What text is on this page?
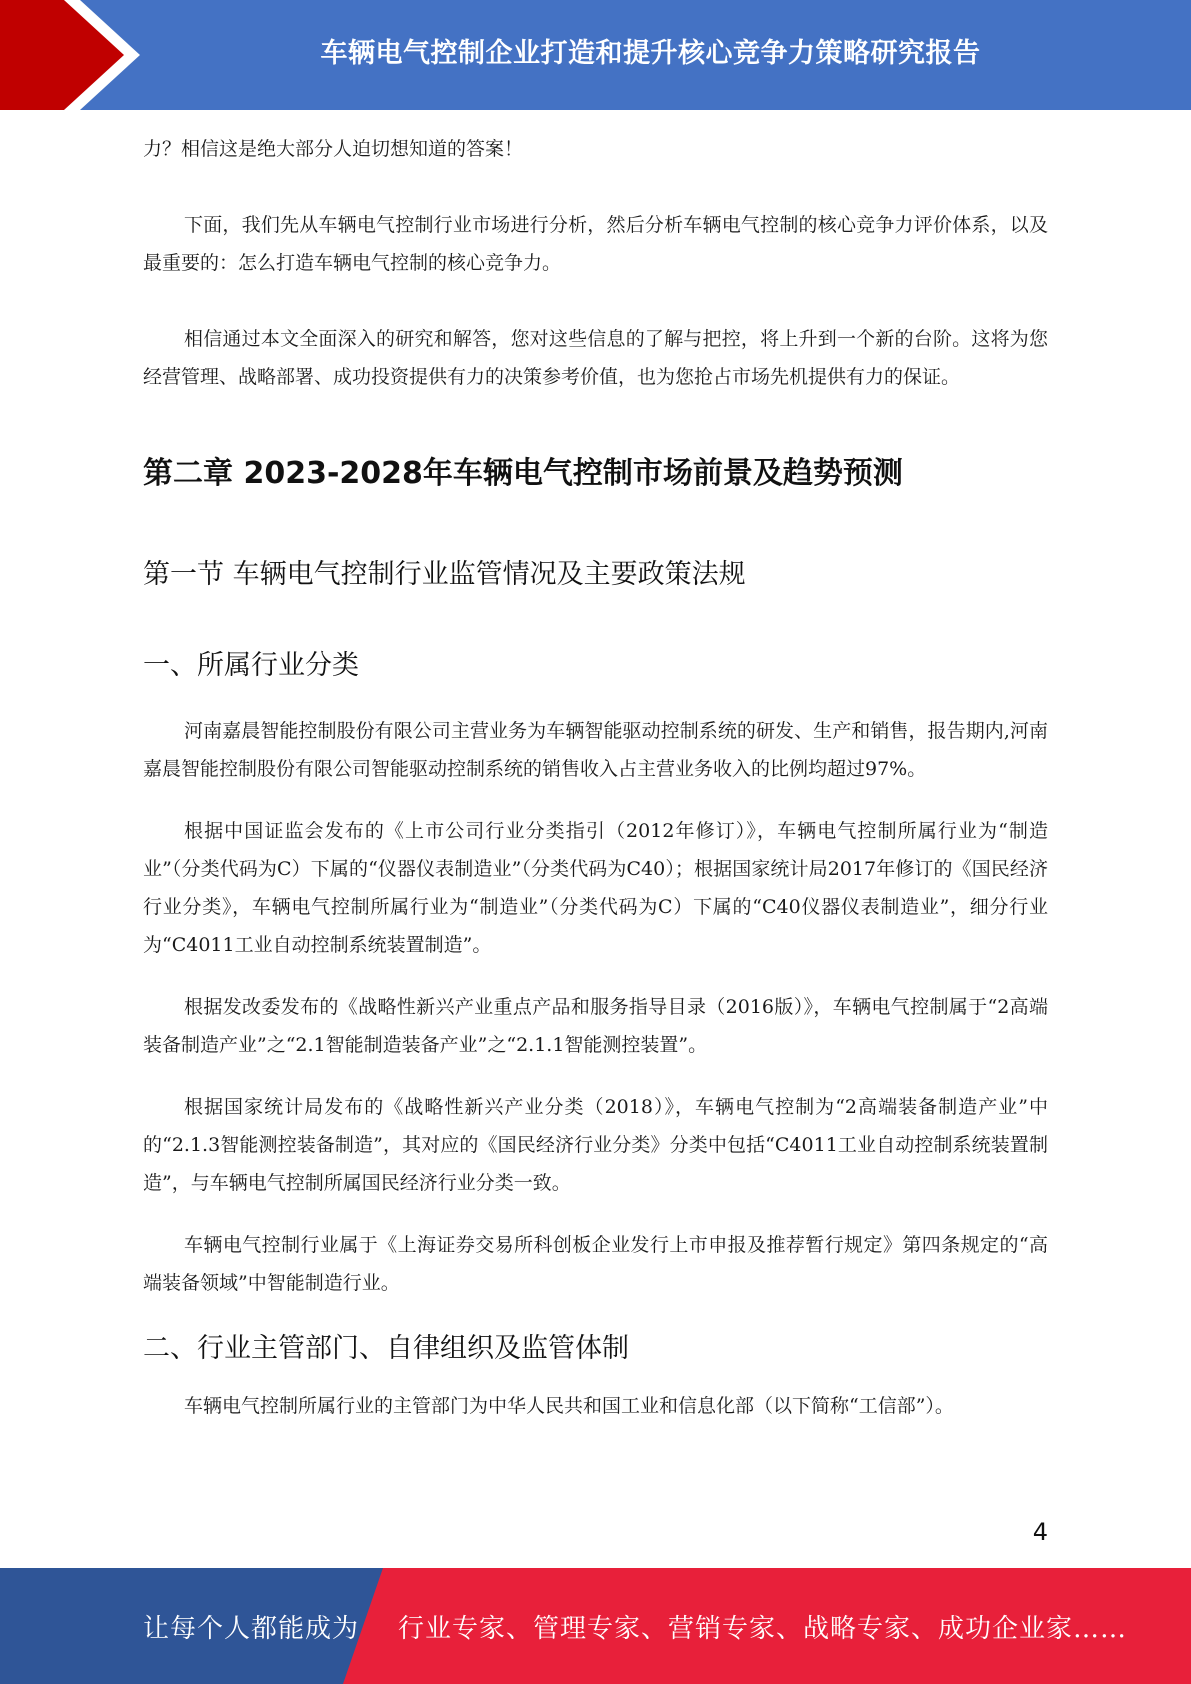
车辆电气控制企业打造和提升核心竞争力策略研究报告

力？相信这是绝大部分人迫切想知道的答案！

下面，我们先从车辆电气控制行业市场进行分析，然后分析车辆电气控制的核心竞争力评价体系，以及最重要的：怎么打造车辆电气控制的核心竞争力。

相信通过本文全面深入的研究和解答，您对这些信息的了解与把控，将上升到一个新的台阶。这将为您经营管理、战略部署、成功投资提供有力的决策参考价值，也为您抢占市场先机提供有力的保证。

第二章 2023-2028年车辆电气控制市场前景及趋势预测
第一节 车辆电气控制行业监管情况及主要政策法规
一、所属行业分类

河南嘉晨智能控制股份有限公司主营业务为车辆智能驱动控制系统的研发、生产和销售，报告期内,河南嘉晨智能控制股份有限公司智能驱动控制系统的销售收入占主营业务收入的比例均超过97%。

根据中国证监会发布的《上市公司行业分类指引（2012年修订）》，车辆电气控制所属行业为“制造业”（分类代码为C）下属的“仪器仪表制造业”（分类代码为C40）；根据国家统计局2017年修订的《国民经济行业分类》，车辆电气控制所属行业为“制造业”（分类代码为C）下属的“C40仪器仪表制造业”，细分行业为“C4011工业自动控制系统装置制造”。

根据发改委发布的《战略性新兴产业重点产品和服务指导目录（2016版）》，车辆电气控制属于“2高端装备制造产业”之“2.1智能制造装备产业”之“2.1.1智能测控装置”。

根据国家统计局发布的《战略性新兴产业分类（2018）》，车辆电气控制为“2高端装备制造产业”中的“2.1.3智能测控装备制造”，其对应的《国民经济行业分类》分类中包括“C4011工业自动控制系统装置制造”，与车辆电气控制所属国民经济行业分类一致。

车辆电气控制行业属于《上海证券交易所科创板企业发行上市申报及推荐暂行规定》第四条规定的“高端装备领域”中智能制造行业。

二、行业主管部门、自律组织及监管体制

车辆电气控制所属行业的主管部门为中华人民共和国工业和信息化部（以下简称“工信部”）。

4
让每个人都能成为 行业专家、管理专家、营销专家、战略专家、成功企业家……
